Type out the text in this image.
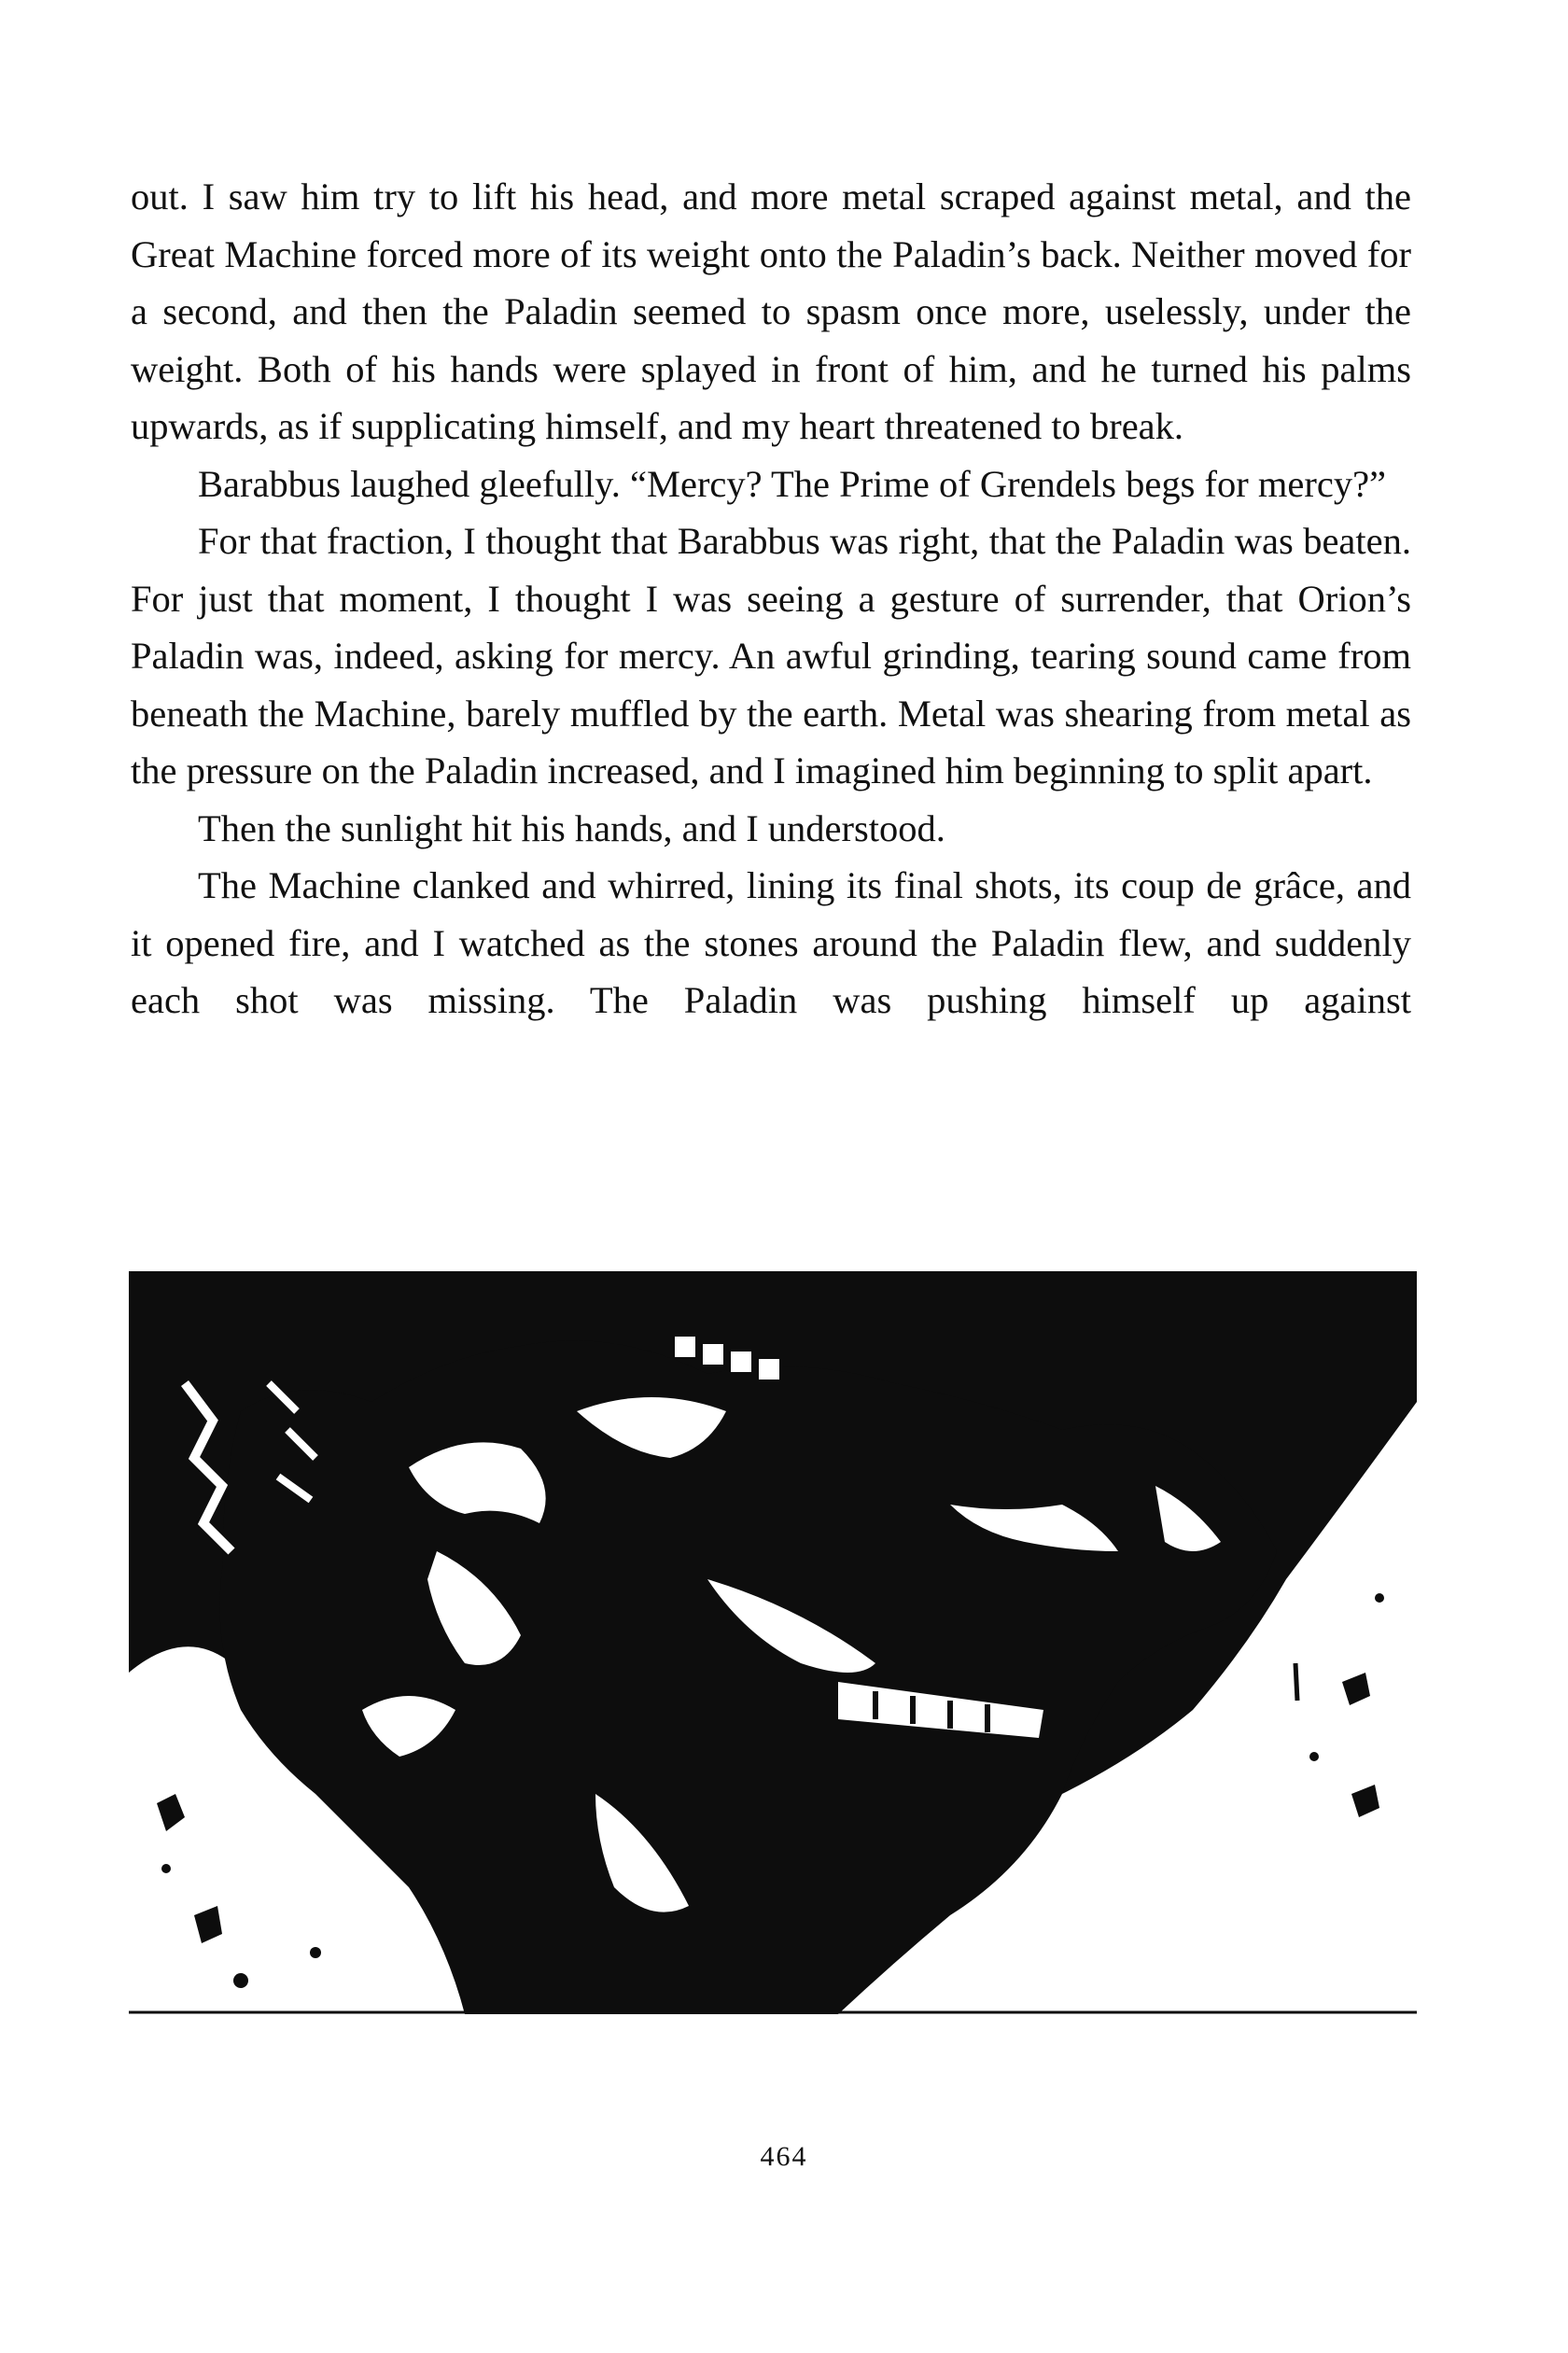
out. I saw him try to lift his head, and more metal scraped against metal, and the Great Machine forced more of its weight onto the Paladin’s back. Neither moved for a second, and then the Paladin seemed to spasm once more, uselessly, under the weight. Both of his hands were splayed in front of him, and he turned his palms upwards, as if supplicating himself, and my heart threatened to break.

Barabbus laughed gleefully. “Mercy? The Prime of Grendels begs for mercy?”

For that fraction, I thought that Barabbus was right, that the Paladin was beaten. For just that moment, I thought I was seeing a gesture of surrender, that Orion’s Paladin was, indeed, asking for mercy. An awful grinding, tearing sound came from beneath the Machine, barely muffled by the earth. Metal was shearing from metal as the pressure on the Paladin increased, and I imagined him beginning to split apart.

Then the sunlight hit his hands, and I understood.

The Machine clanked and whirred, lining its final shots, its coup de grâce, and it opened fire, and I watched as the stones around the Paladin flew, and suddenly each shot was missing. The Paladin was pushing himself up against

464
